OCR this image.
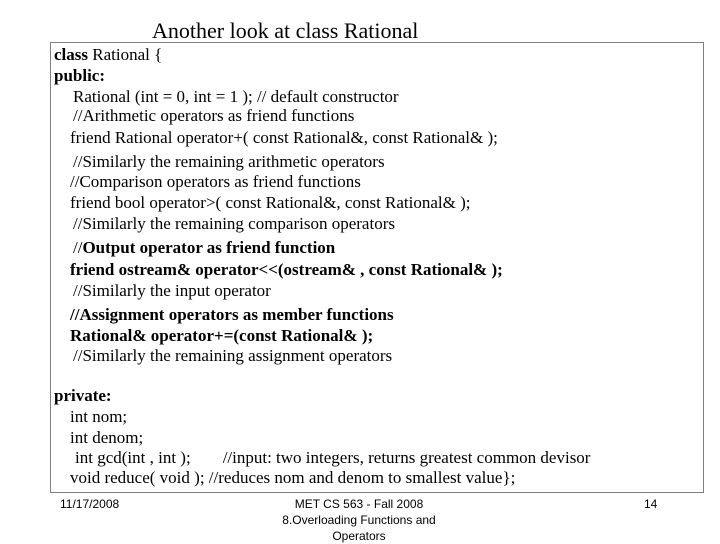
Another look at class Rational
class Rational {
public:
Rational (int = 0, int = 1 ); // default constructor
//Arithmetic operators as friend functions
friend Rational operator+( const Rational&, const Rational& );
//Similarly the remaining arithmetic operators
//Comparison operators as friend functions
friend bool operator>( const Rational&, const Rational& );
//Similarly the remaining comparison operators
//Output operator as friend function
friend ostream& operator<<(ostream& , const Rational& );
//Similarly the input operator
//Assignment operators as member functions
Rational& operator+=(const Rational& );
//Similarly the remaining assignment operators
private:
int nom;
int denom;
int gcd(int , int ); //input: two integers, returns greatest common devisor
void reduce( void ); //reduces nom and denom to smallest value};
11/17/2008	MET CS 563 - Fall 2008
8.Overloading Functions and
Operators
14
